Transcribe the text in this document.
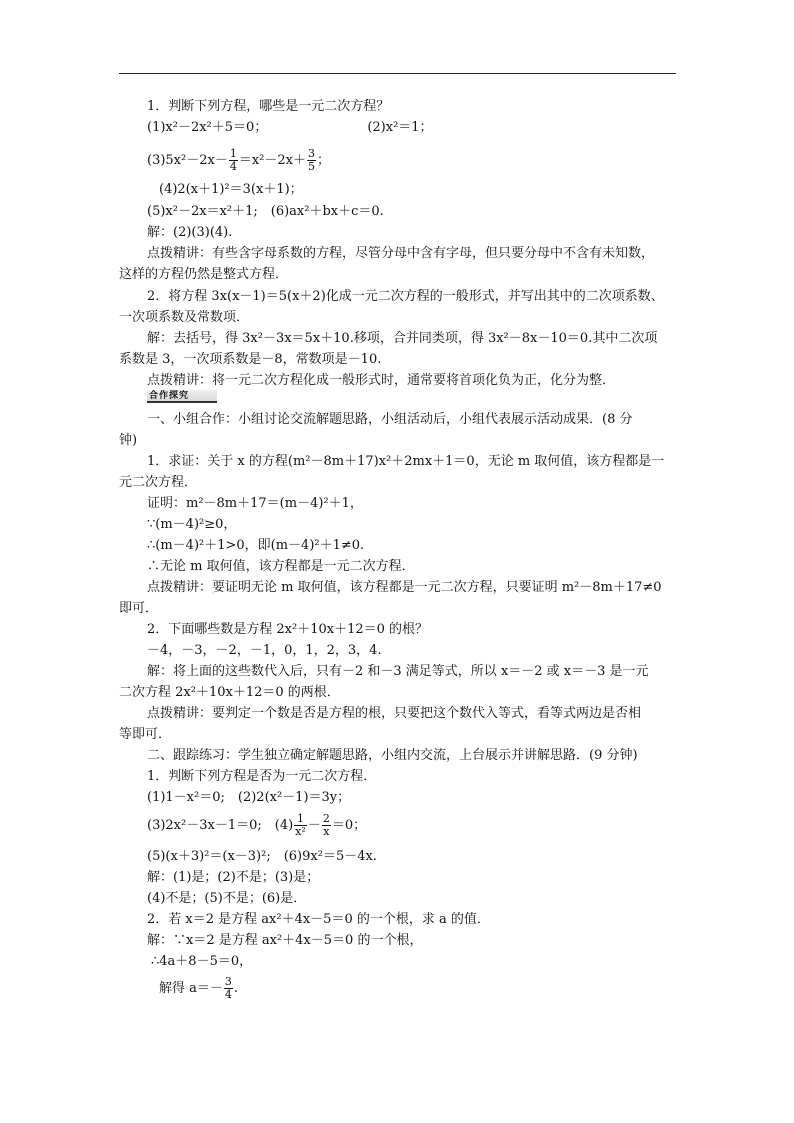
1．判断下列方程，哪些是一元二次方程？
(1)x²－2x²＋5＝0；	(2)x²＝1；
$(3)5x^2-2x- \frac{1}{4} =x^2-2x+ \frac{3}{5}$ ；
(4)2(x＋1)²＝3(x＋1)；
(5)x²－2x＝x²＋1;　(6)ax²＋bx＋c＝0.
解：(2)(3)(4).
点拨精讲：有些含字母系数的方程，尽管分母中含有字母，但只要分母中不含有未知数，
这样的方程仍然是整式方程．
2．将方程 3x(x－1)＝5(x＋2)化成一元二次方程的一般形式，并写出其中的二次项系数、
一次项系数及常数项．
解：去括号，得 3x²－3x＝5x＋10.移项，合并同类项，得 3x²－8x－10＝0.其中二次项
系数是 3，一次项系数是－8，常数项是－10.
点拨精讲：将一元二次方程化成一般形式时，通常要将首项化负为正，化分为整．
合作探究
一、小组合作：小组讨论交流解题思路，小组活动后，小组代表展示活动成果．(8 分
钟)
1．求证：关于 x 的方程(m²－8m＋17)x²＋2mx＋1＝0，无论 m 取何值，该方程都是一
元二次方程．
证明：m²－8m＋17＝(m－4)²＋1，
∵(m－4)²≥0，
∴(m－4)²＋1>0，即(m－4)²＋1≠0.
∴无论 m 取何值，该方程都是一元二次方程．
点拨精讲：要证明无论 m 取何值，该方程都是一元二次方程，只要证明 m²－8m＋17≠0
即可．
2．下面哪些数是方程 2x²＋10x＋12＝0 的根？
－4，－3，－2，－1，0，1，2，3，4.
解：将上面的这些数代入后，只有－2 和－3 满足等式，所以 x＝－2 或 x＝－3 是一元
二次方程 2x²＋10x＋12＝0 的两根．
点拨精讲：要判定一个数是否是方程的根，只要把这个数代入等式，看等式两边是否相
等即可．
二、跟踪练习：学生独立确定解题思路，小组内交流，上台展示并讲解思路．(9 分钟)
1．判断下列方程是否为一元二次方程．
(1)1－x²＝0;　(2)2(x²－1)＝3y；
(3)2x²－3x－1＝0;　$(4) \frac{1}{\text{x²}} - \frac{2}{x} =0$；
(5)(x＋3)²＝(x－3)²;　(6)9x²＝5－4x.
解：(1)是；(2)不是；(3)是；
(4)不是；(5)不是；(6)是．
2．若 x＝2 是方程 ax²＋4x－5＝0 的一个根，求 a 的值．
解：∵x＝2 是方程 ax²＋4x－5＝0 的一个根，
∴4a＋8－5＝0，
解得 $a=- \frac{3}{4}$ .
